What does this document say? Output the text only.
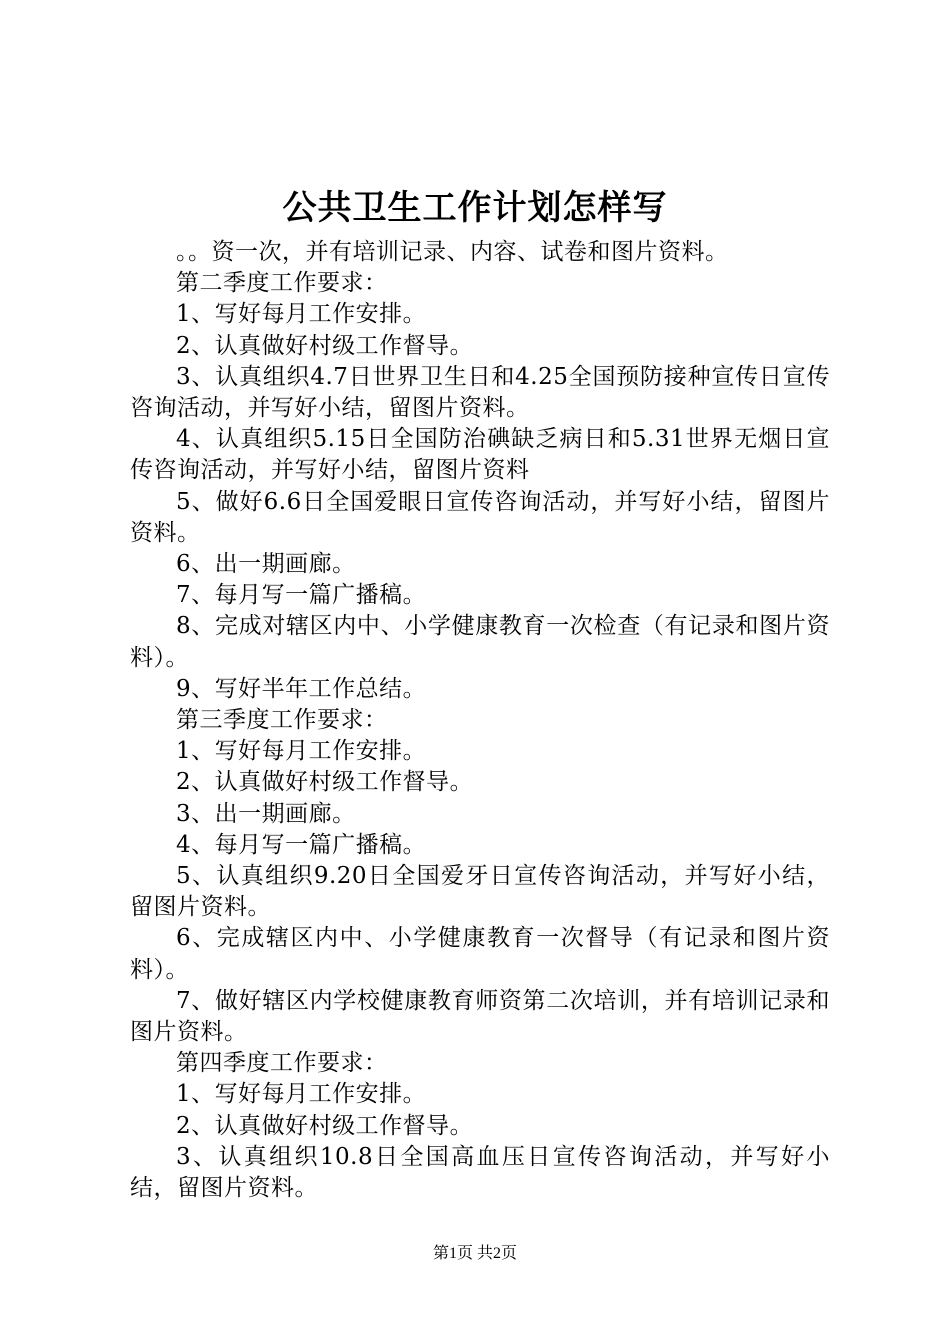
公共卫生工作计划怎样写

。。资一次，并有培训记录、内容、试卷和图片资料。

第二季度工作要求：

1、写好每月工作安排。

2、认真做好村级工作督导。

3、认真组织4.7日世界卫生日和4.25全国预防接种宣传日宣传咨询活动，并写好小结，留图片资料。

4、认真组织5.15日全国防治碘缺乏病日和5.31世界无烟日宣传咨询活动，并写好小结，留图片资料

5、做好6.6日全国爱眼日宣传咨询活动，并写好小结，留图片资料。

6、出一期画廊。

7、每月写一篇广播稿。

8、完成对辖区内中、小学健康教育一次检查（有记录和图片资料）。

9、写好半年工作总结。

第三季度工作要求：

1、写好每月工作安排。

2、认真做好村级工作督导。

3、出一期画廊。

4、每月写一篇广播稿。

5、认真组织9.20日全国爱牙日宣传咨询活动，并写好小结，留图片资料。

6、完成辖区内中、小学健康教育一次督导（有记录和图片资料）。

7、做好辖区内学校健康教育师资第二次培训，并有培训记录和图片资料。

第四季度工作要求：

1、写好每月工作安排。

2、认真做好村级工作督导。

3、认真组织10.8日全国高血压日宣传咨询活动，并写好小结，留图片资料。

第1页 共2页
